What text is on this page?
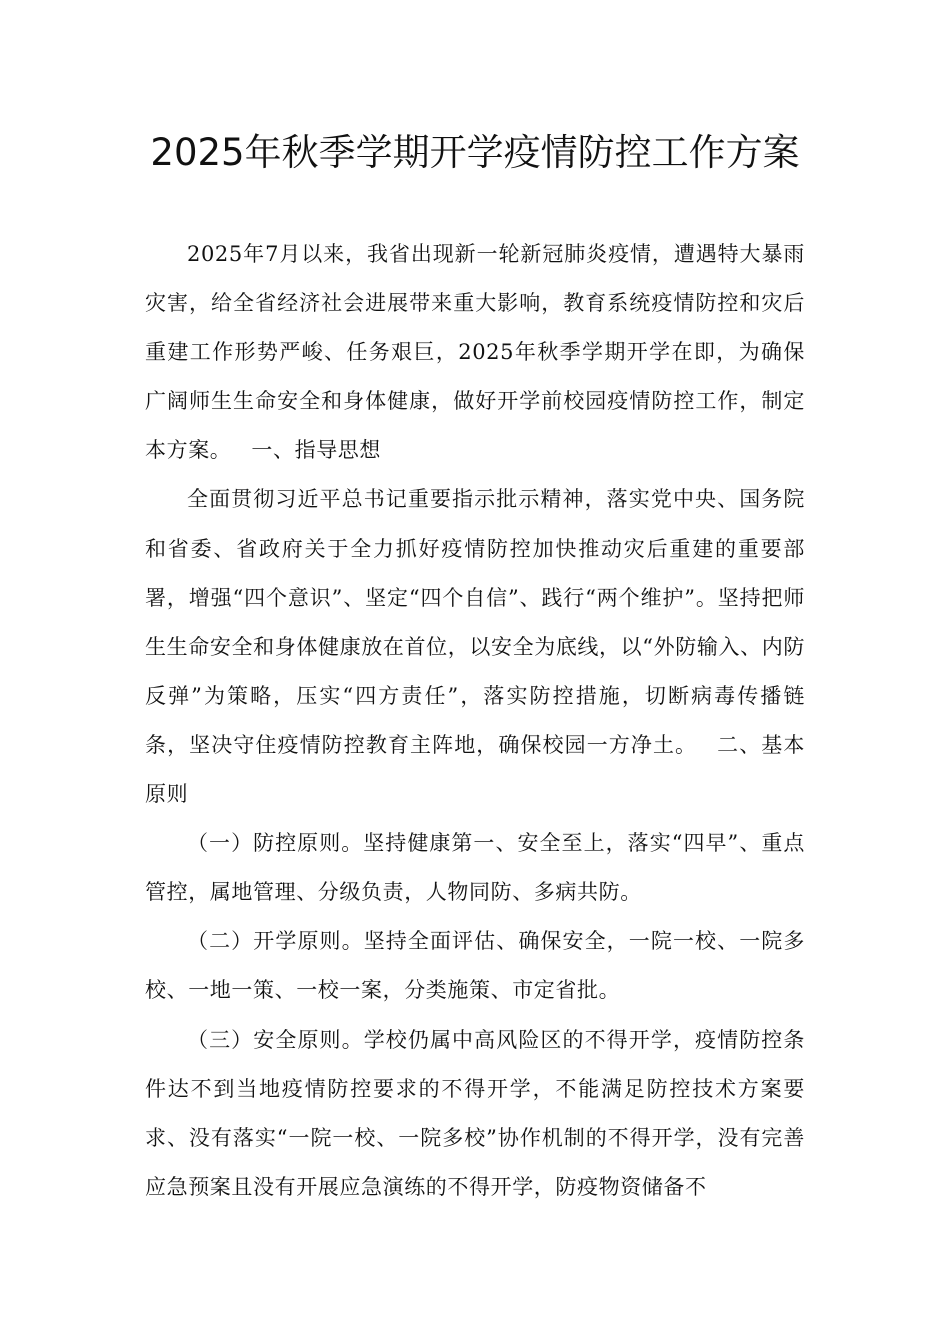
2025年秋季学期开学疫情防控工作方案

2025年7月以来，我省出现新一轮新冠肺炎疫情，遭遇特大暴雨灾害，给全省经济社会进展带来重大影响，教育系统疫情防控和灾后重建工作形势严峻、任务艰巨，2025年秋季学期开学在即，为确保广阔师生生命安全和身体健康，做好开学前校园疫情防控工作，制定本方案。 一、指导思想

全面贯彻习近平总书记重要指示批示精神，落实党中央、国务院和省委、省政府关于全力抓好疫情防控加快推动灾后重建的重要部署，增强“四个意识”、坚定“四个自信”、践行“两个维护”。坚持把师生生命安全和身体健康放在首位，以安全为底线，以“外防输入、内防反弹”为策略，压实“四方责任”，落实防控措施，切断病毒传播链条，坚决守住疫情防控教育主阵地，确保校园一方净土。 二、基本原则

（一）防控原则。坚持健康第一、安全至上，落实“四早”、重点管控，属地管理、分级负责，人物同防、多病共防。

（二）开学原则。坚持全面评估、确保安全，一院一校、一院多校、一地一策、一校一案，分类施策、市定省批。

（三）安全原则。学校仍属中高风险区的不得开学，疫情防控条件达不到当地疫情防控要求的不得开学，不能满足防控技术方案要求、没有落实“一院一校、一院多校”协作机制的不得开学，没有完善应急预案且没有开展应急演练的不得开学，防疫物资储备不
